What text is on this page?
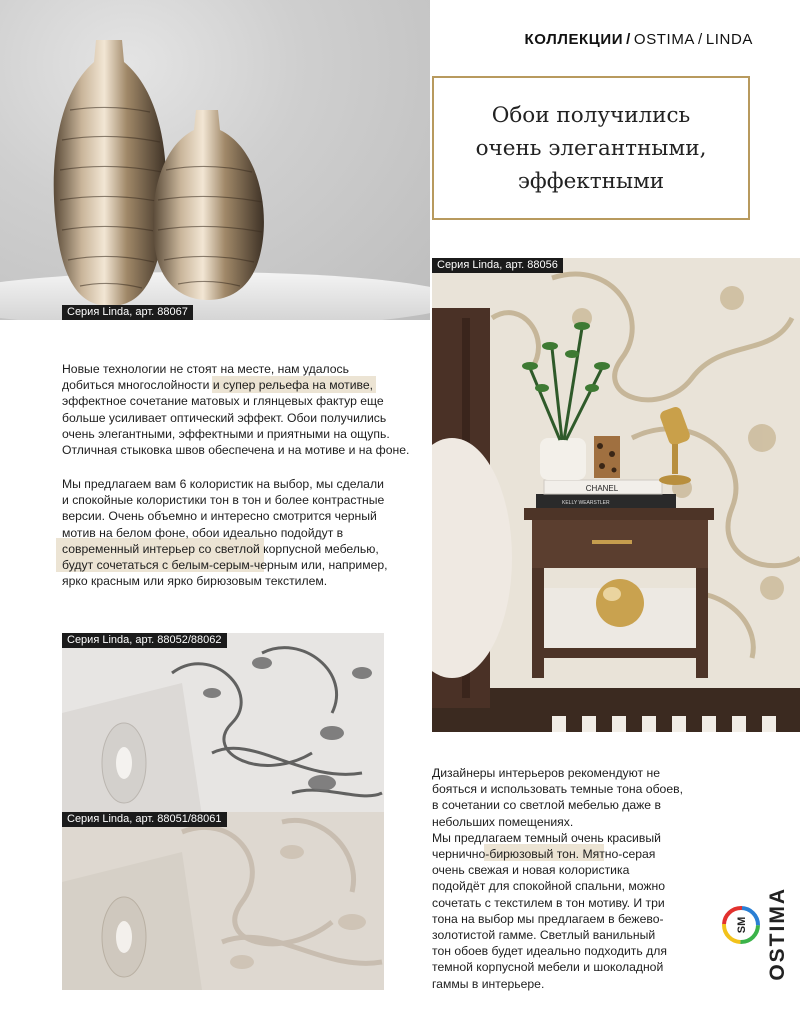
КОЛЛЕКЦИИ / OSTIMA / LINDA
Серия Linda, арт. 88067
Обои получились
очень элегантными,
эффектными
CHANEL
KELLY WEARSTLER
Серия Linda, арт. 88056

Новые технологии не стоят на месте, нам удалось

добиться многослойности и супер рельефа на мотиве,

эффектное сочетание матовых и глянцевых фактур еще

больше усиливает оптический эффект. Обои получились

очень элегантными, эффектными и приятными на ощупь.

Отличная стыковка швов обеспечена и на мотиве и на фоне.

Мы предлагаем вам 6 колористик на выбор, мы сделали

и спокойные колористики тон в тон и более контрастные

версии. Очень объемно и интересно смотрится черный

мотив на белом фоне, обои идеально подойдут в

современный интерьер со светлой корпусной мебелью,

будут сочетаться с белым-серым-черным или, например,

ярко красным или ярко бирюзовым текстилем.

Серия Linda, арт. 88052/88062
Серия Linda, арт. 88051/88061

Дизайнеры интерьеров рекомендуют не

бояться и использовать темные тона обоев,

в сочетании со светлой мебелью даже в

небольших помещениях.

Мы предлагаем темный очень красивый

чернично-бирюзовый тон. Мятно-серая

очень свежая и новая колористика

подойдёт для спокойной спальни, можно

сочетать с текстилем в тон мотиву. И три

тона на выбор мы предлагаем в бежево-

золотистой гамме. Светлый ванильный

тон обоев будет идеально подходить для

темной корпусной мебели и шоколадной

гаммы в интерьере.

SM OSTIMA
